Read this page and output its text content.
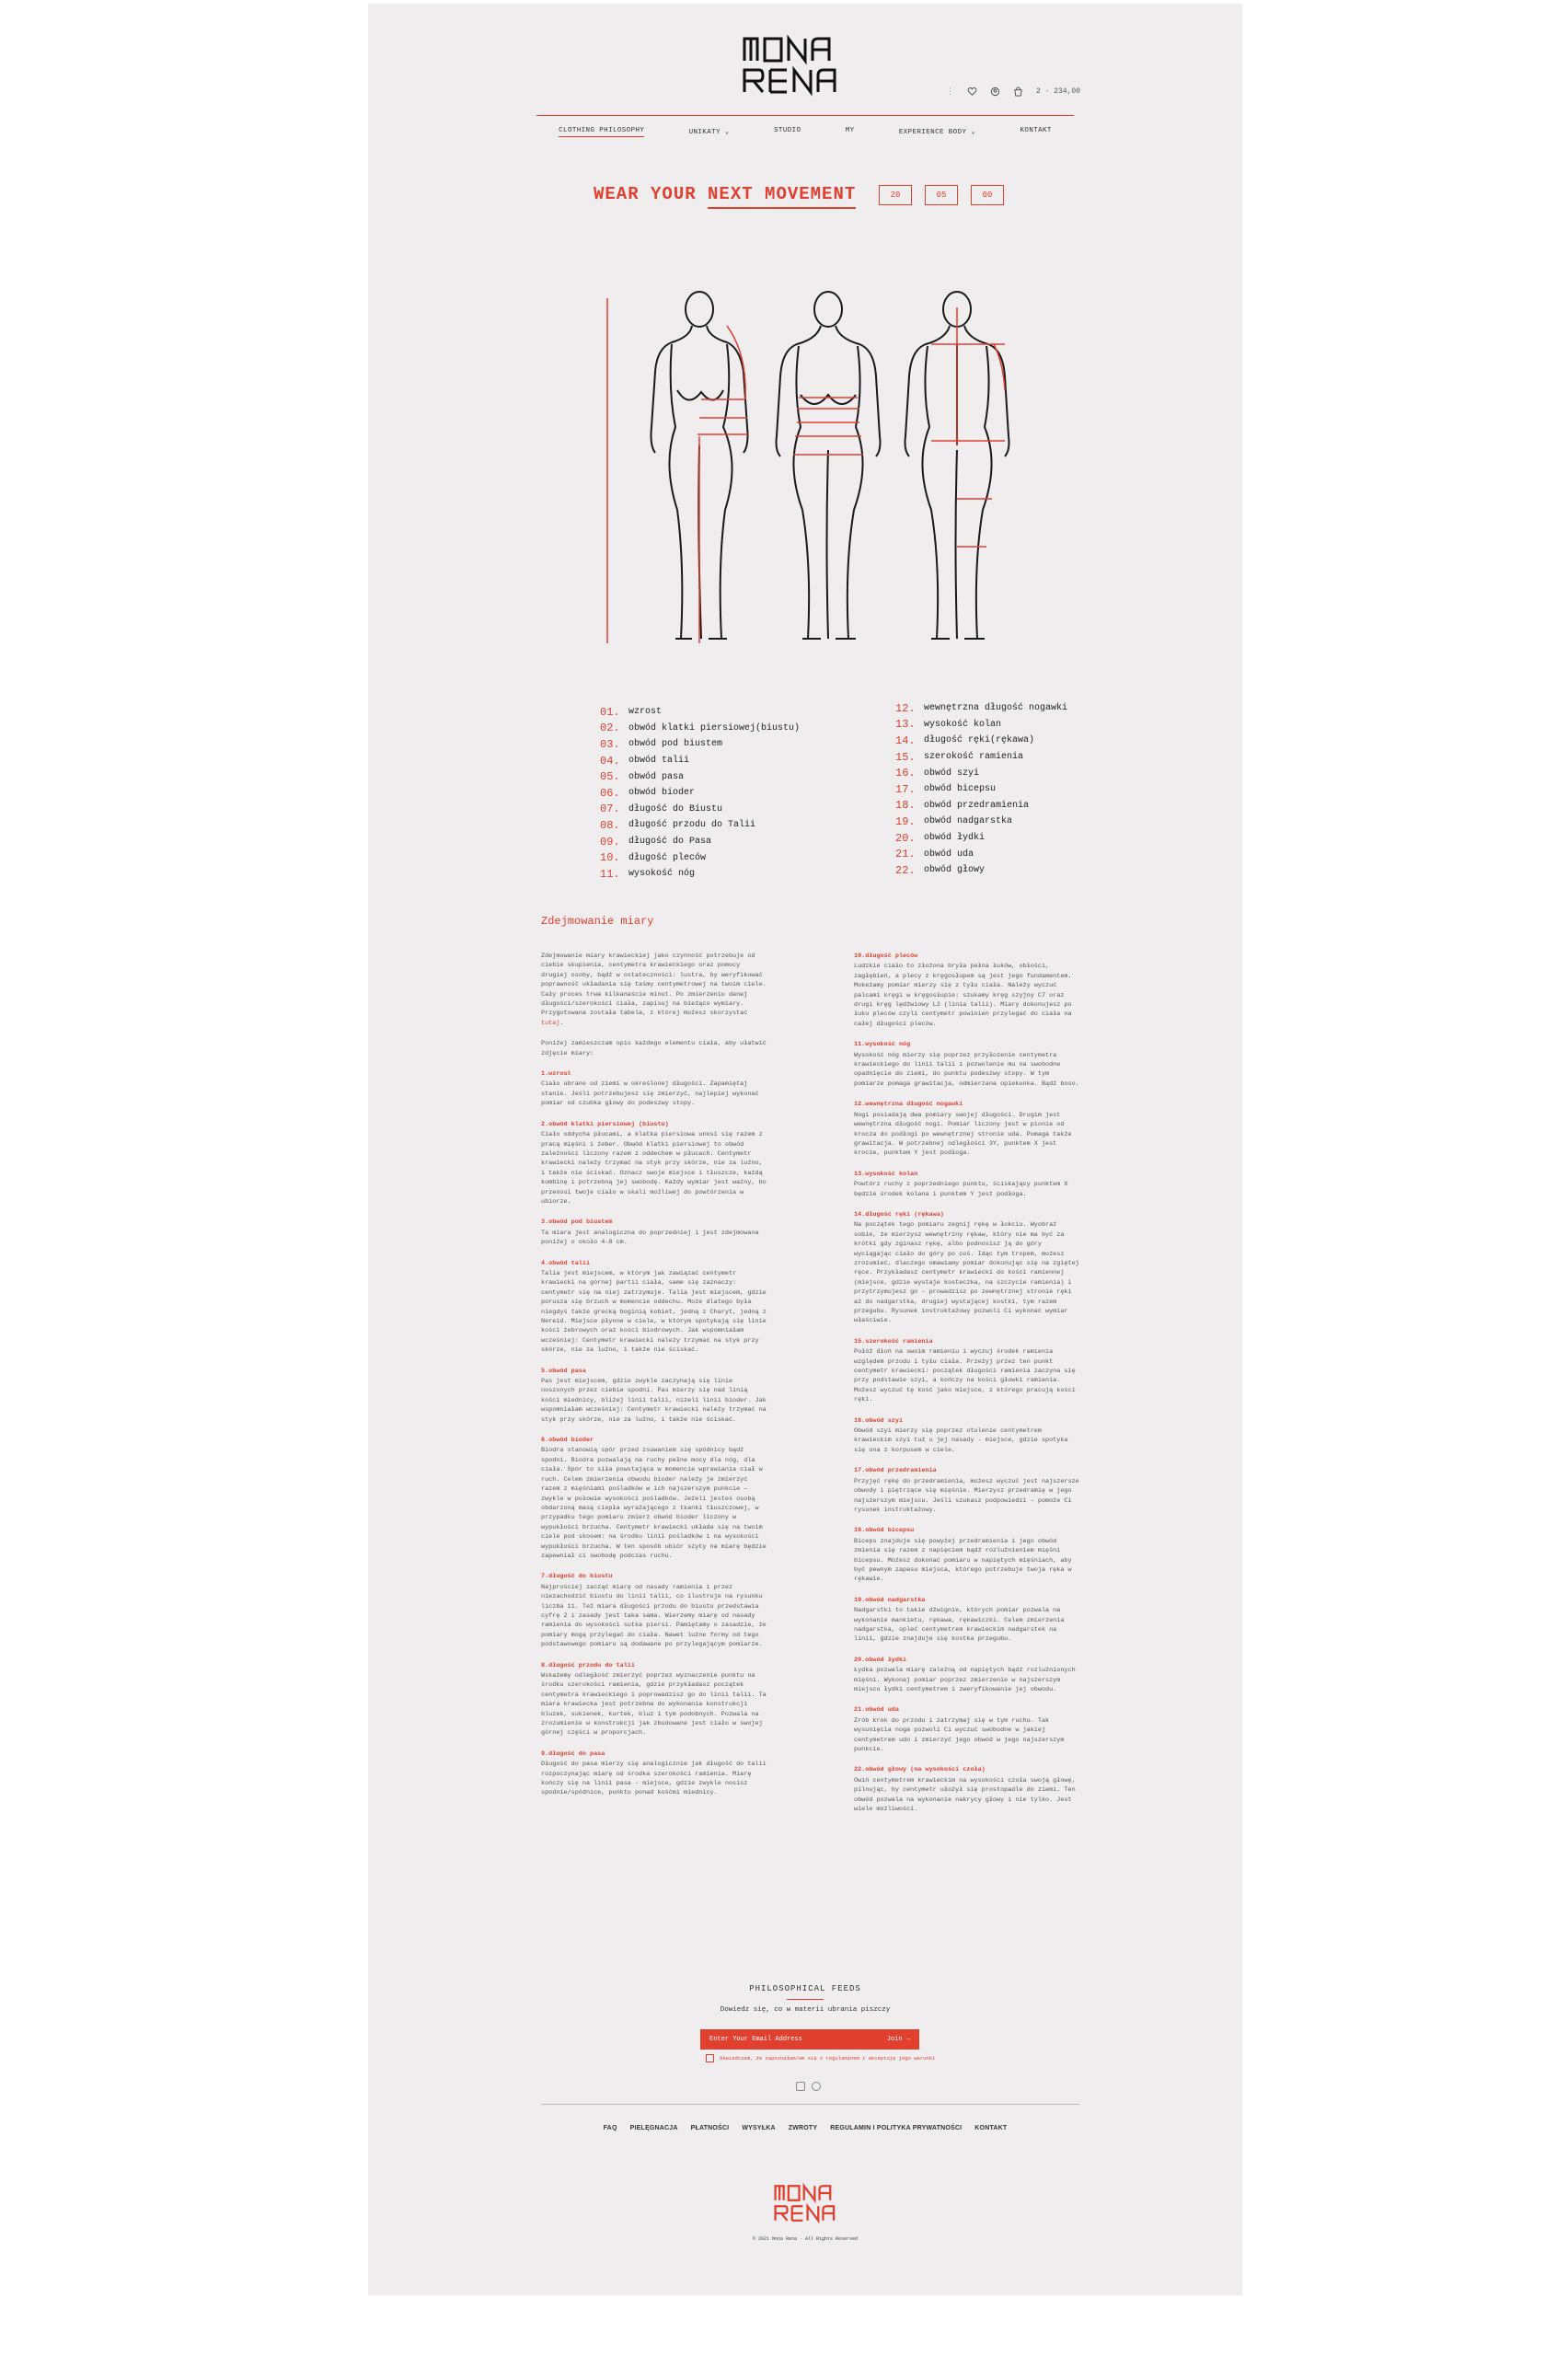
⋮	2 · 234,00
CLOTHING PHILOSOPHY	UNIKATY ⌄	STUDIO	MY	EXPERIENCE BODY ⌄	KONTAKT
WEAR YOUR NEXT MOVEMENT	20	05	00
01. wzrost
02. obwód klatki piersiowej(biustu)
03. obwód pod biustem
04. obwód talii
05. obwód pasa
06. obwód bioder
07. długość do Biustu
08. długość przodu do Talii
09. długość do Pasa
10. długość pleców
11. wysokość nóg
12. wewnętrzna długość nogawki
13. wysokość kolan
14. długość ręki(rękawa)
15. szerokość ramienia
16. obwód szyi
17. obwód bicepsu
18. obwód przedramienia
19. obwód nadgarstka
20. obwód łydki
21. obwód uda
22. obwód głowy
Zdejmowanie miary

Zdejmowanie miary krawieckiej jako czynność potrzebuje od ciebie skupienia, centymetra krawieckiego oraz pomocy drugiej osoby, bądź w ostateczności: lustra, by weryfikować poprawność układania się taśmy centymetrowej na twoim ciele. Cały proces trwa kilkanaście minut. Po zmierzeniu danej długości/szerokości ciała, zapisuj na bieżąco wymiary. Przygotowana została tabela, z której możesz skorzystać tutaj.

Poniżej zamieszczam opis każdego elementu ciała, aby ułatwić zdjęcie miary:

1.wzrost

Ciało ubrane od ziemi w określonej długości. Zapamiętaj stanie. Jeśli potrzebujesz się zmierzyć, najlepiej wykonać pomiar od czubka głowy do podeszwy stopy.

2.obwód klatki piersiowej (biustu)

Ciało oddycha płucami, a klatka piersiowa unosi się razem z pracą mięśni i żeber. Obwód klatki piersiowej to obwód zależności liczony razem z oddechem w płucach. Centymetr krawiecki należy trzymać na styk przy skórze, nie za luźno, i także nie ściskać. Oznacz swoje miejsce i tłuszcze, każdą kombinę i potrzebną jej swobodę. Każdy wymiar jest ważny, bo przenosi twoje ciało w skali możliwej do powtórzenia w ubiorze.

3.obwód pod biustem

Ta miara jest analogiczna do poprzedniej i jest zdejmowana poniżej o około 4-8 cm.

4.obwód talii

Talia jest miejscem, w którym jak zawiązać centymetr krawiecki na górnej partii ciała, same się zaznaczy: centymetr się na niej zatrzymuje. Talia jest miejscem, gdzie porusza się brzuch w momencie oddechu. Może dlatego była niegdyś także grecką boginią kobiet, jedną z Charyt, jedną z Nereid. Miejsce płynne w ciele, w którym spotykają się linie kości żebrowych oraz kości biodrowych. Jak wspomniałam wcześniej: Centymetr krawiecki należy trzymać na styk przy skórze, nie za luźno, i także nie ściskać.

5.obwód pasa

Pas jest miejscem, gdzie zwykle zaczynają się linie noszonych przez ciebie spodni. Pas mierzy się nad linią kości miednicy, bliżej linii talii, niżeli linii bioder. Jak wspomniałam wcześniej: Centymetr krawiecki należy trzymać na styk przy skórze, nie za luźno, i także nie ściskać.

6.obwód bioder

Biodra stanowią spór przed zsuwaniem się spódnicy bądź spodni. Biodra pozwalają na ruchy pełne mocy dla nóg, dla ciała. Spór to siła powstająca w momencie wprawiania ciał w ruch. Celem zmierzenia obwodu bioder należy je zmierzyć razem z mięśniami pośladków w ich najszerszym punkcie — zwykle w połowie wysokości pośladków. Jeżeli jesteś osobą obdarzoną masą ciepła wyrażającego z tkanki tłuszczowej, w przypadku tego pomiaru zmierz obwód bioder liczony w wypukłości brzucha. Centymetr krawiecki układa się na twoim ciele pod skosem: na środku linii pośladków i na wysokości wypukłości brzucha. W ten sposób ubiór szyty na miarę będzie zapewniał ci swobodę podczas ruchu.

7.długość do biustu

Najprościej zacząć miarę od nasady ramienia i przez niezachodzić biustu do linii talii, co ilustruje na rysunku liczba 11. Też miara długości przodu do biustu przedstawia cyfrę 2 i zasady jest taka sama. Wierzemy miarę od nasady ramienia do wysokości sutka piersi. Pamiętamy o zasadzie, że pomiary mogą przylegać do ciała. Nawet luźne formy od tego podstawowego pomiaru są dodawane po przylegającym pomiarze.

8.długość przodu do talii

Wskażemy odległość zmierzyć poprzez wyznaczenie punktu na środku szerokości ramienia, gdzie przykładasz początek centymetra krawieckiego i poprowadzisz go do linii talii. Ta miara krawiecka jest potrzebna do wykonania konstrukcji bluzek, sukienek, kurtek, bluz i tym podobnych. Pozwala na zrozumienie w konstrukcji jak zbudowane jest ciało w swojej górnej części w proporcjach.

9.długość do pasa

Długość do pasa mierzy się analogicznie jak długość do talii rozpoczynając miarę od środka szerokości ramienia. Miarę kończy się na linii pasa - miejsce, gdzie zwykle nosisz spodnie/spódnice, punktu ponad kośćmi miednicy.

10.długość pleców

Ludzkie ciało to złożona bryła pełna łuków, obłości, zagłębień, a plecy z kręgosłupem są jest jego fundamentem. Mokeżamy pomiar mierzy się z tyłu ciała. Należy wyczuć palcami kręgi w kręgosłupie: szukamy kręg szyjny C7 oraz drugi kręg lędźwiowy L2 (linia talii). Miary dokonujesz po łuku pleców czyli centymetr powinien przylegać do ciała na całej długości pleców.

11.wysokość nóg

Wysokość nóg mierzy się poprzez przyłożenie centymetra krawieckiego do linii talii i pozwolenie mu na swobodne opadnięcie do ziemi, do punktu podeszwy stopy. W tym pomiarze pomaga grawitacja, odmierzana opiekunka. Bądź boso.

12.wewnętrzna długość nogawki

Nogi posiadają dwa pomiary swojej długości. Drugim jest wewnętrzna długość nogi. Pomiar liczony jest w pionie od krocza do podłogi po wewnętrznej stronie uda. Pomaga także grawitacja. W potrzebnej odległości 3Y, punktem X jest krocze, punktem Y jest podłoga.

13.wysokość kolan

Powtórz ruchy z poprzedniego punktu, ściskający punktem X będzie środek kolana i punktem Y jest podłoga.

14.długość ręki (rękawa)

Na początek tego pomiaru zegnij rękę w łokciu. Wyobraź sobie, że mierzysz wewnętrzny rękaw, który nie ma być za krótki gdy zginasz rękę, albo podnosisz ją do góry wyciągając ciało do góry po coś. Idąc tym tropem, możesz zrozumieć, dlaczego omawiamy pomiar dokonując się na zgiętej ręce. Przykładasz centymetr krawiecki do kości ramiennej (miejsce, gdzie wystaje kosteczka, na szczycie ramienia) i przytrzymujesz go - prowadzisz po zewnętrznej stronie ręki aż do nadgarstka, drugiej wystającej kostki, tym razem przegubu. Rysunek instruktażowy pozwoli Ci wykonać wymiar właściwie.

15.szerokość ramienia

Połóż dłoń na swoim ramieniu i wyczuj środek ramienia względem przodu i tyłu ciała. Przeżyj przez ten punkt centymetr krawiecki: początek długości ramienia zaczyna się przy podstawie szyi, a kończy na kości głowki ramienia. Możesz wyczuć tę kość jako miejsce, z którego pracują kości ręki.

16.obwód szyi

Obwód szyi mierzy się poprzez otulenie centymetrem krawieckim szyi tuż u jej nasady - miejsce, gdzie spotyka się ona z korpusem w ciele.

17.obwód przedramienia

Przyjęć rękę do przedramienia, możesz wyczuć jest najszersze obwody i piętrzące się mięśnie. Mierzysz przedramię w jego najszerszym miejscu. Jeśli szukasz podpowiedzi - pomoże Ci rysunek instruktażowy.

18.obwód bicepsu

Biceps znajduje się powyżej przedramienia i jego obwód zmienia się razem z napięciem bądź rozluźnieniem mięśni bicepsu. Możesz dokonać pomiaru w napiętych mięśniach, aby być pewnym zapasu miejsca, którego potrzebuje twoja ręka w rękawie.

19.obwód nadgarstka

Nadgarstki to takie dźwignie, których pomiar pozwala na wykonanie mankietu, rękawa, rękawiczki. Celem zmierzenia nadgarstka, opleć centymetrem krawieckim nadgarstek na linii, gdzie znajduje się kostka przegubu.

20.obwód łydki

Łydka pozwala miarę zależną od napiętych bądź rozluźnionych mięśni. Wykonaj pomiar poprzez zmierzenie w najszerszym miejscu łydki centymetrem i zweryfikowanie jej obwodu.

21.obwód uda

Zrób krok do przodu i zatrzymaj się w tym ruchu. Tak wysunięcia noga pozwoli Ci wyczuć swobodne w jakiej centymetrem udo i zmierzyć jego obwód w jego najszerszym punkcie.

22.obwód głowy (na wysokości czoła)

Owiń centymetrem krawieckim na wysokości czoła swoją głowę, pilnując, by centymetr ułożył się prostopadle do ziemi. Ten obwód pozwala na wykonanie nakrycy głowy i nie tylko. Jest wiele możliwości.

PHILOSOPHICAL FEEDS
Dowiedz się, co w materii ubrania piszczy
Enter Your Email Address	Join →
Oświadczam, że zapoznałam/em się z regulaminem i akceptuję jego warunki
FAQ PIELĘGNACJA PŁATNOŚCI WYSYŁKA ZWROTY REGULAMIN I POLITYKA PRYWATNOŚCI KONTAKT
© 2021 Mona Rena · All Rights Reserved
